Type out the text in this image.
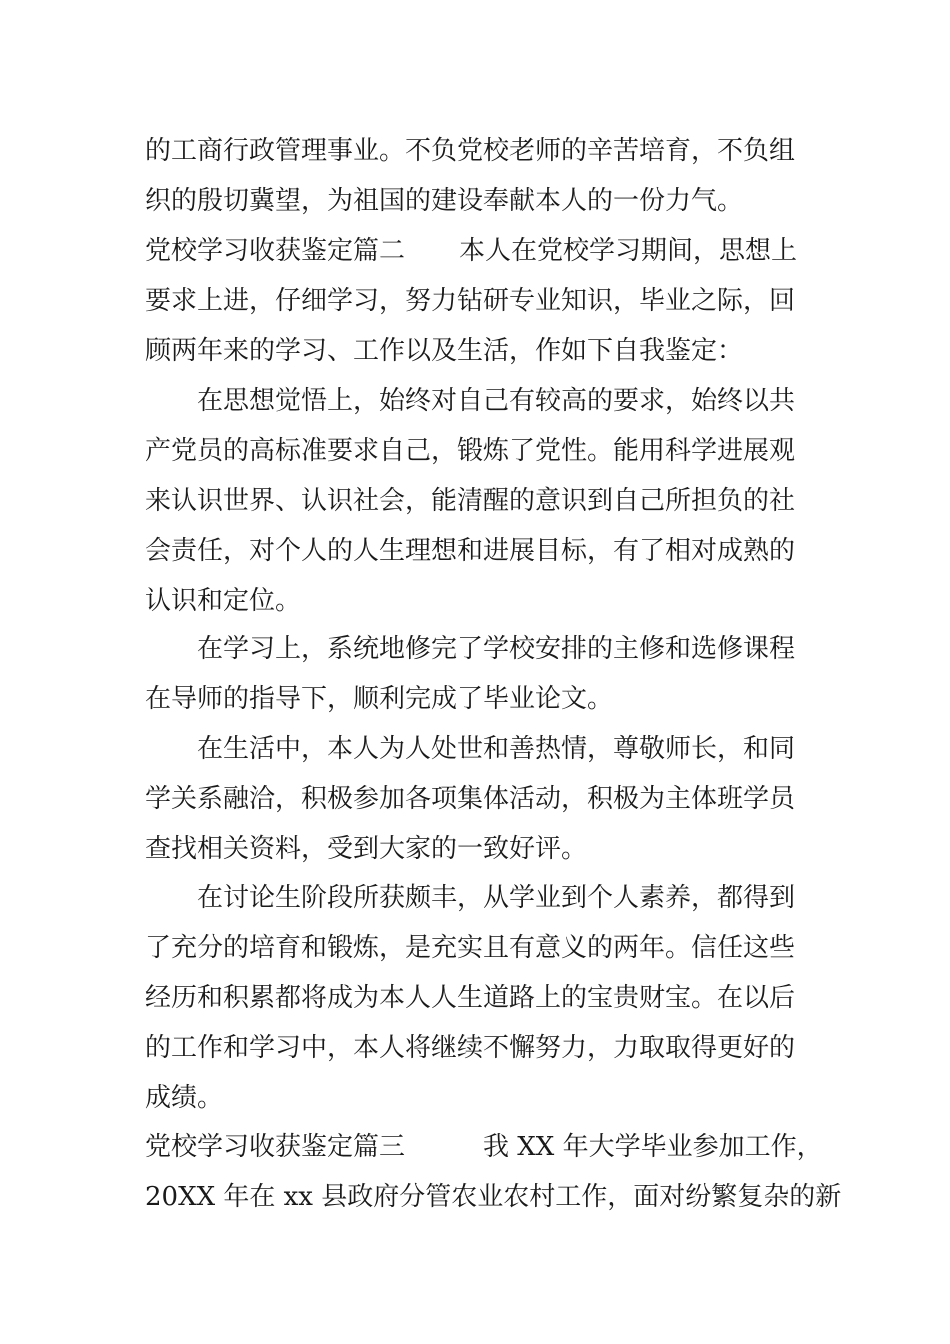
的工商行政管理事业。不负党校老师的辛苦培育，不负组

织的殷切冀望，为祖国的建设奉献本人的一份力气。

党校学习收获鉴定篇二 本人在党校学习期间，思想上

要求上进，仔细学习，努力钻研专业知识，毕业之际，回

顾两年来的学习、工作以及生活，作如下自我鉴定：

在思想觉悟上，始终对自己有较高的要求，始终以共

产党员的高标准要求自己，锻炼了党性。能用科学进展观

来认识世界、认识社会，能清醒的意识到自己所担负的社

会责任，对个人的人生理想和进展目标，有了相对成熟的

认识和定位。

在学习上，系统地修完了学校安排的主修和选修课程

在导师的指导下，顺利完成了毕业论文。

在生活中，本人为人处世和善热情，尊敬师长，和同

学关系融洽，积极参加各项集体活动，积极为主体班学员

查找相关资料，受到大家的一致好评。

在讨论生阶段所获颇丰，从学业到个人素养，都得到

了充分的培育和锻炼，是充实且有意义的两年。信任这些

经历和积累都将成为本人人生道路上的宝贵财宝。在以后

的工作和学习中，本人将继续不懈努力，力取取得更好的

成绩。

党校学习收获鉴定篇三	我 XX 年大学毕业参加工作，

20XX 年在 xx 县政府分管农业农村工作，面对纷繁复杂的新
